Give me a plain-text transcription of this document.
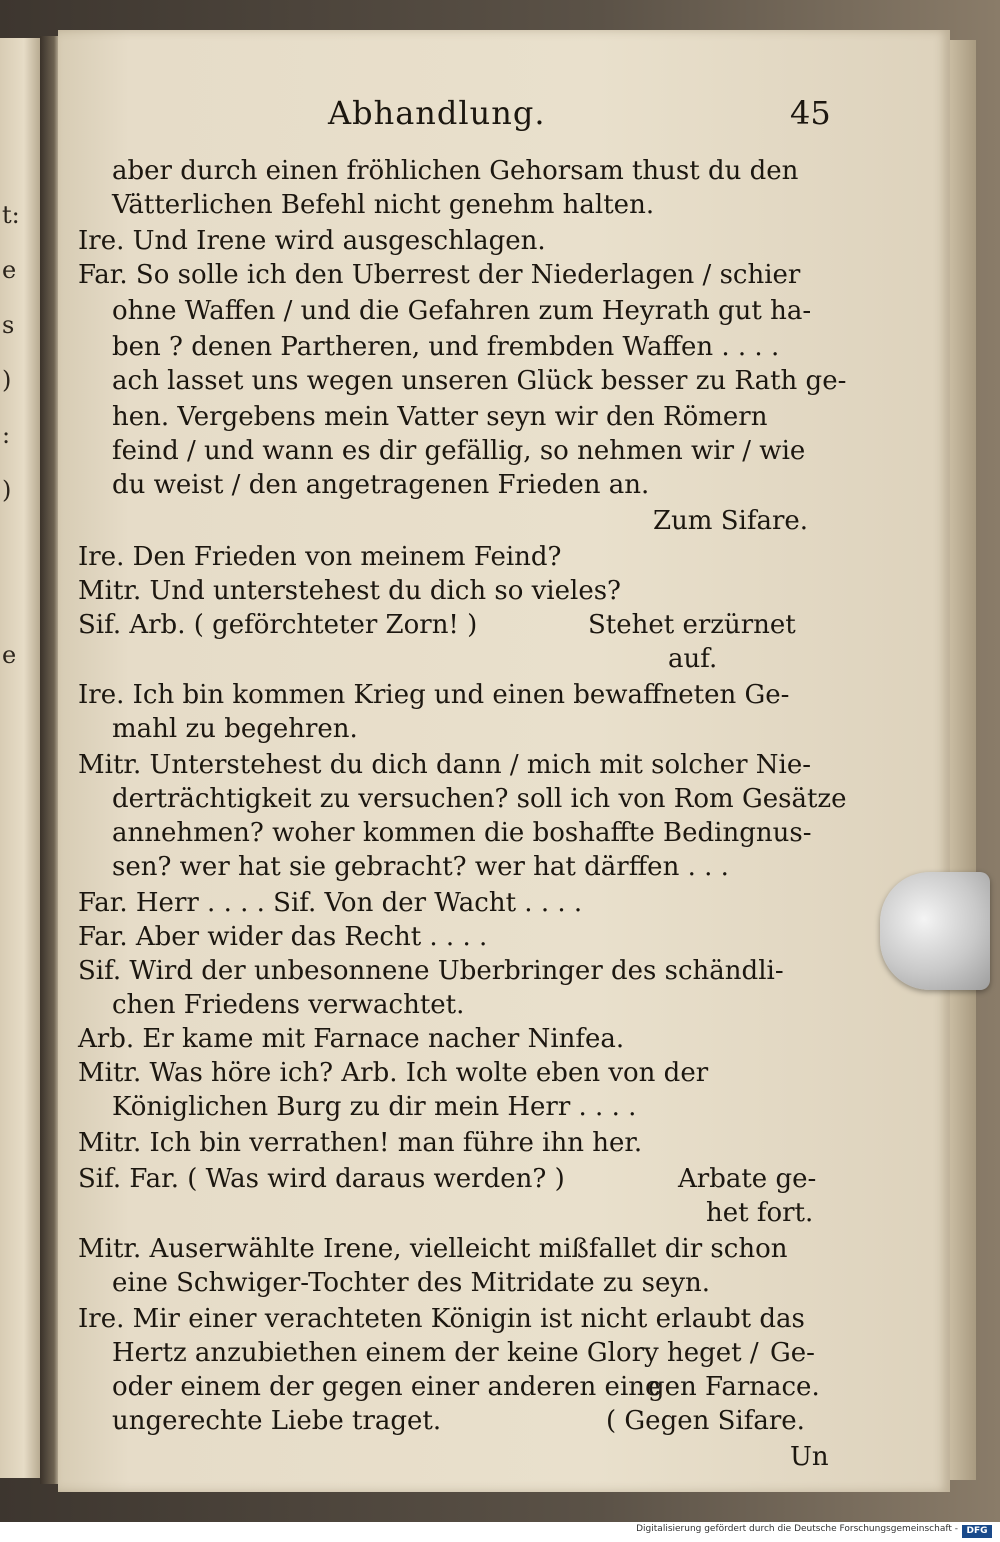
t:
e
s
)
:
)

e
Abhandlung.	45
aber durch einen fröhlichen Gehorsam thust du den
Vätterlichen Befehl nicht genehm halten.
Ire. Und Irene wird ausgeschlagen.
Far. So solle ich den Uberrest der Niederlagen / schier
ohne Waffen / und die Gefahren zum Heyrath gut ha-
ben ? denen Partheren, und frembden Waffen . . . .
ach lasset uns wegen unseren Glück besser zu Rath ge-
hen. Vergebens mein Vatter seyn wir den Römern
feind / und wann es dir gefällig, so nehmen wir / wie
du weist / den angetragenen Frieden an.
Zum Sifare.
Ire. Den Frieden von meinem Feind?
Mitr. Und unterstehest du dich so vieles?
Sif. Arb. ( geförchteter Zorn! )	Stehet erzürnet
auf.
Ire. Ich bin kommen Krieg und einen bewaffneten Ge-
mahl zu begehren.
Mitr. Unterstehest du dich dann / mich mit solcher Nie-
derträchtigkeit zu versuchen? soll ich von Rom Gesätze
annehmen? woher kommen die boshaffte Bedingnus-
sen? wer hat sie gebracht? wer hat därffen . . .
Far. Herr . . . . Sif. Von der Wacht . . . .
Far. Aber wider das Recht . . . .
Sif. Wird der unbesonnene Uberbringer des schändli-
chen Friedens verwachtet.
Arb. Er kame mit Farnace nacher Ninfea.
Mitr. Was höre ich? Arb. Ich wolte eben von der
Königlichen Burg zu dir mein Herr . . . .
Mitr. Ich bin verrathen! man führe ihn her.
Sif. Far. ( Was wird daraus werden? )	Arbate ge-
het fort.
Mitr. Auserwählte Irene, vielleicht mißfallet dir schon
eine Schwiger-Tochter des Mitridate zu seyn.
Ire. Mir einer verachteten Königin ist nicht erlaubt das
Hertz anzubiethen einem der keine Glory heget / Ge-
oder einem der gegen einer anderen eine
gen Farnace.
ungerechte Liebe traget.	( Gegen Sifare.
Un
Digitalisierung gefördert durch die Deutsche Forschungsgemeinschaft - DFG
